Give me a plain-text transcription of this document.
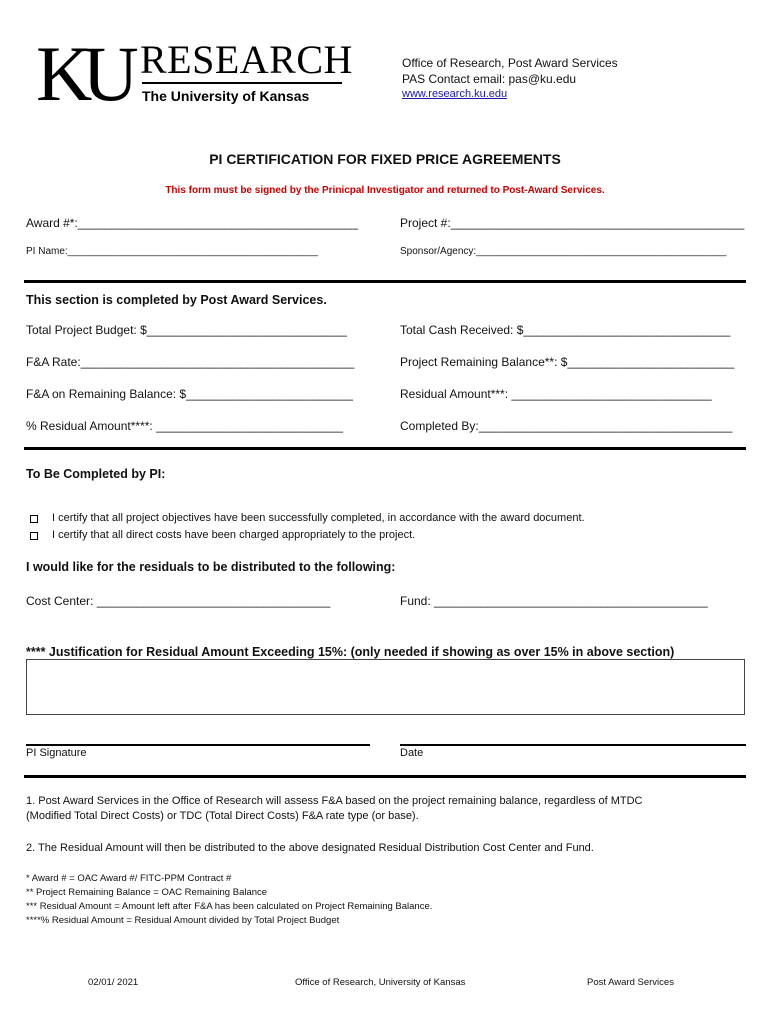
KU RESEARCH
The University of Kansas
Office of Research, Post Award Services
PAS Contact email: pas@ku.edu
www.research.ku.edu
PI CERTIFICATION FOR FIXED PRICE AGREEMENTS
This form must be signed by the Prinicpal Investigator and returned to Post-Award Services.
Award #*:__________________________________________	Project #:____________________________________________
PI Name:_____________________________________________	Sponsor/Agency:_____________________________________________
This section is completed by Post Award Services.
Total Project Budget: $______________________________	Total Cash Received: $_______________________________
F&A Rate:_________________________________________	Project Remaining Balance**: $_________________________
F&A on Remaining Balance: $_________________________	Residual Amount***: ______________________________
% Residual Amount****: ____________________________	Completed By:______________________________________
To Be Completed by PI:
I certify that all project objectives have been successfully completed, in accordance with the award document.
I certify that all direct costs have been charged appropriately to the project.
I would like for the residuals to be distributed to the following:
Cost Center: ___________________________________	Fund: _________________________________________
**** Justification for Residual Amount Exceeding 15%: (only needed if showing as over 15% in above section)
PI Signature	Date
1. Post Award Services in the Office of Research will assess F&A based on the project remaining balance, regardless of MTDC
(Modified Total Direct Costs) or TDC (Total Direct Costs) F&A rate type (or base).
2. The Residual Amount will then be distributed to the above designated Residual Distribution Cost Center and Fund.
* Award # = OAC Award #/ FITC-PPM Contract #
** Project Remaining Balance = OAC Remaining Balance
*** Residual Amount = Amount left after F&A has been calculated on Project Remaining Balance.
****% Residual Amount = Residual Amount divided by Total Project Budget
02/01/ 2021	Office of Research, University of Kansas	Post Award Services
